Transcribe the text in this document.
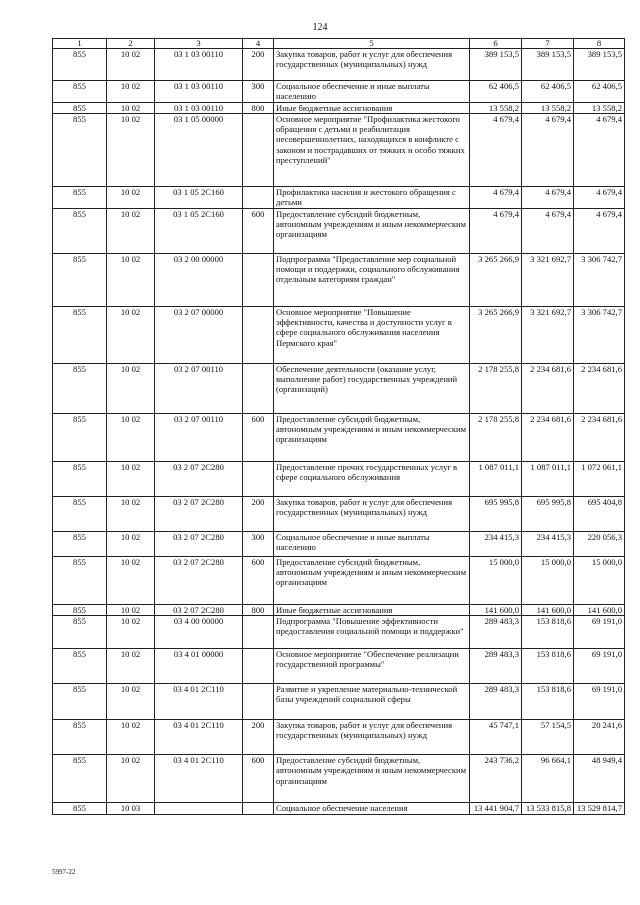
124
1	2	3	4	5	6	7	8
855	10 02	03 1 03 00110	200	Закупка товаров, работ и услуг для обеспечения государственных (муниципальных) нужд	389 153,5	389 153,5	389 153,5
855	10 02	03 1 03 00110	300	Социальное обеспечение и иные выплаты населению	62 406,5	62 406,5	62 406,5
855	10 02	03 1 03 00110	800	Иные бюджетные ассигнования	13 558,2	13 558,2	13 558,2
855	10 02	03 1 05 00000		Основное мероприятие "Профилактика жестокого обращения с детьми и реабилитация несовершеннолетних, находящихся в конфликте с законом и пострадавших от тяжких и особо тяжких преступлений"	4 679,4	4 679,4	4 679,4
855	10 02	03 1 05 2С160		Профилактика насилия и жестокого обращения с детьми	4 679,4	4 679,4	4 679,4
855	10 02	03 1 05 2С160	600	Предоставление субсидий бюджетным, автономным учреждениям и иным некоммерческим организациям	4 679,4	4 679,4	4 679,4
855	10 02	03 2 00 00000		Подпрограмма "Предоставление мер социальной помощи и поддержки, социального обслуживания отдельным категориям граждан"	3 265 266,9	3 321 692,7	3 306 742,7
855	10 02	03 2 07 00000		Основное мероприятие "Повышение эффективности, качества и доступности услуг в сфере социального обслуживания населения Пермского края"	3 265 266,9	3 321 692,7	3 306 742,7
855	10 02	03 2 07 00110		Обеспечение деятельности (оказание услуг, выполнение работ) государственных учреждений (организаций)	2 178 255,8	2 234 681,6	2 234 681,6
855	10 02	03 2 07 00110	600	Предоставление субсидий бюджетным, автономным учреждениям и иным некоммерческим организациям	2 178 255,8	2 234 681,6	2 234 681,6
855	10 02	03 2 07 2С280		Предоставление прочих государственных услуг в сфере социального обслуживания	1 087 011,1	1 087 011,1	1 072 061,1
855	10 02	03 2 07 2С280	200	Закупка товаров, работ и услуг для обеспечения государственных (муниципальных) нужд	695 995,8	695 995,8	695 404,8
855	10 02	03 2 07 2С280	300	Социальное обеспечение и иные выплаты населению	234 415,3	234 415,3	220 056,3
855	10 02	03 2 07 2С280	600	Предоставление субсидий бюджетным, автономным учреждениям и иным некоммерческим организациям	15 000,0	15 000,0	15 000,0
855	10 02	03 2 07 2С280	800	Иные бюджетные ассигнования	141 600,0	141 600,0	141 600,0
855	10 02	03 4 00 00000		Подпрограмма "Повышение эффективности предоставления социальной помощи и поддержки"	289 483,3	153 818,6	69 191,0
855	10 02	03 4 01 00000		Основное мероприятие "Обеспечение реализации государственной программы"	289 483,3	153 818,6	69 191,0
855	10 02	03 4 01 2С110		Развитие и укрепление материально-технической базы учреждений социальной сферы	289 483,3	153 818,6	69 191,0
855	10 02	03 4 01 2С110	200	Закупка товаров, работ и услуг для обеспечения государственных (муниципальных) нужд	45 747,1	57 154,5	20 241,6
855	10 02	03 4 01 2С110	600	Предоставление субсидий бюджетным, автономным учреждениям и иным некоммерческим организациям	243 736,2	96 664,1	48 949,4
855	10 03			Социальное обеспечение населения	13 441 904,7	13 533 815,8	13 529 814,7
5997-22
